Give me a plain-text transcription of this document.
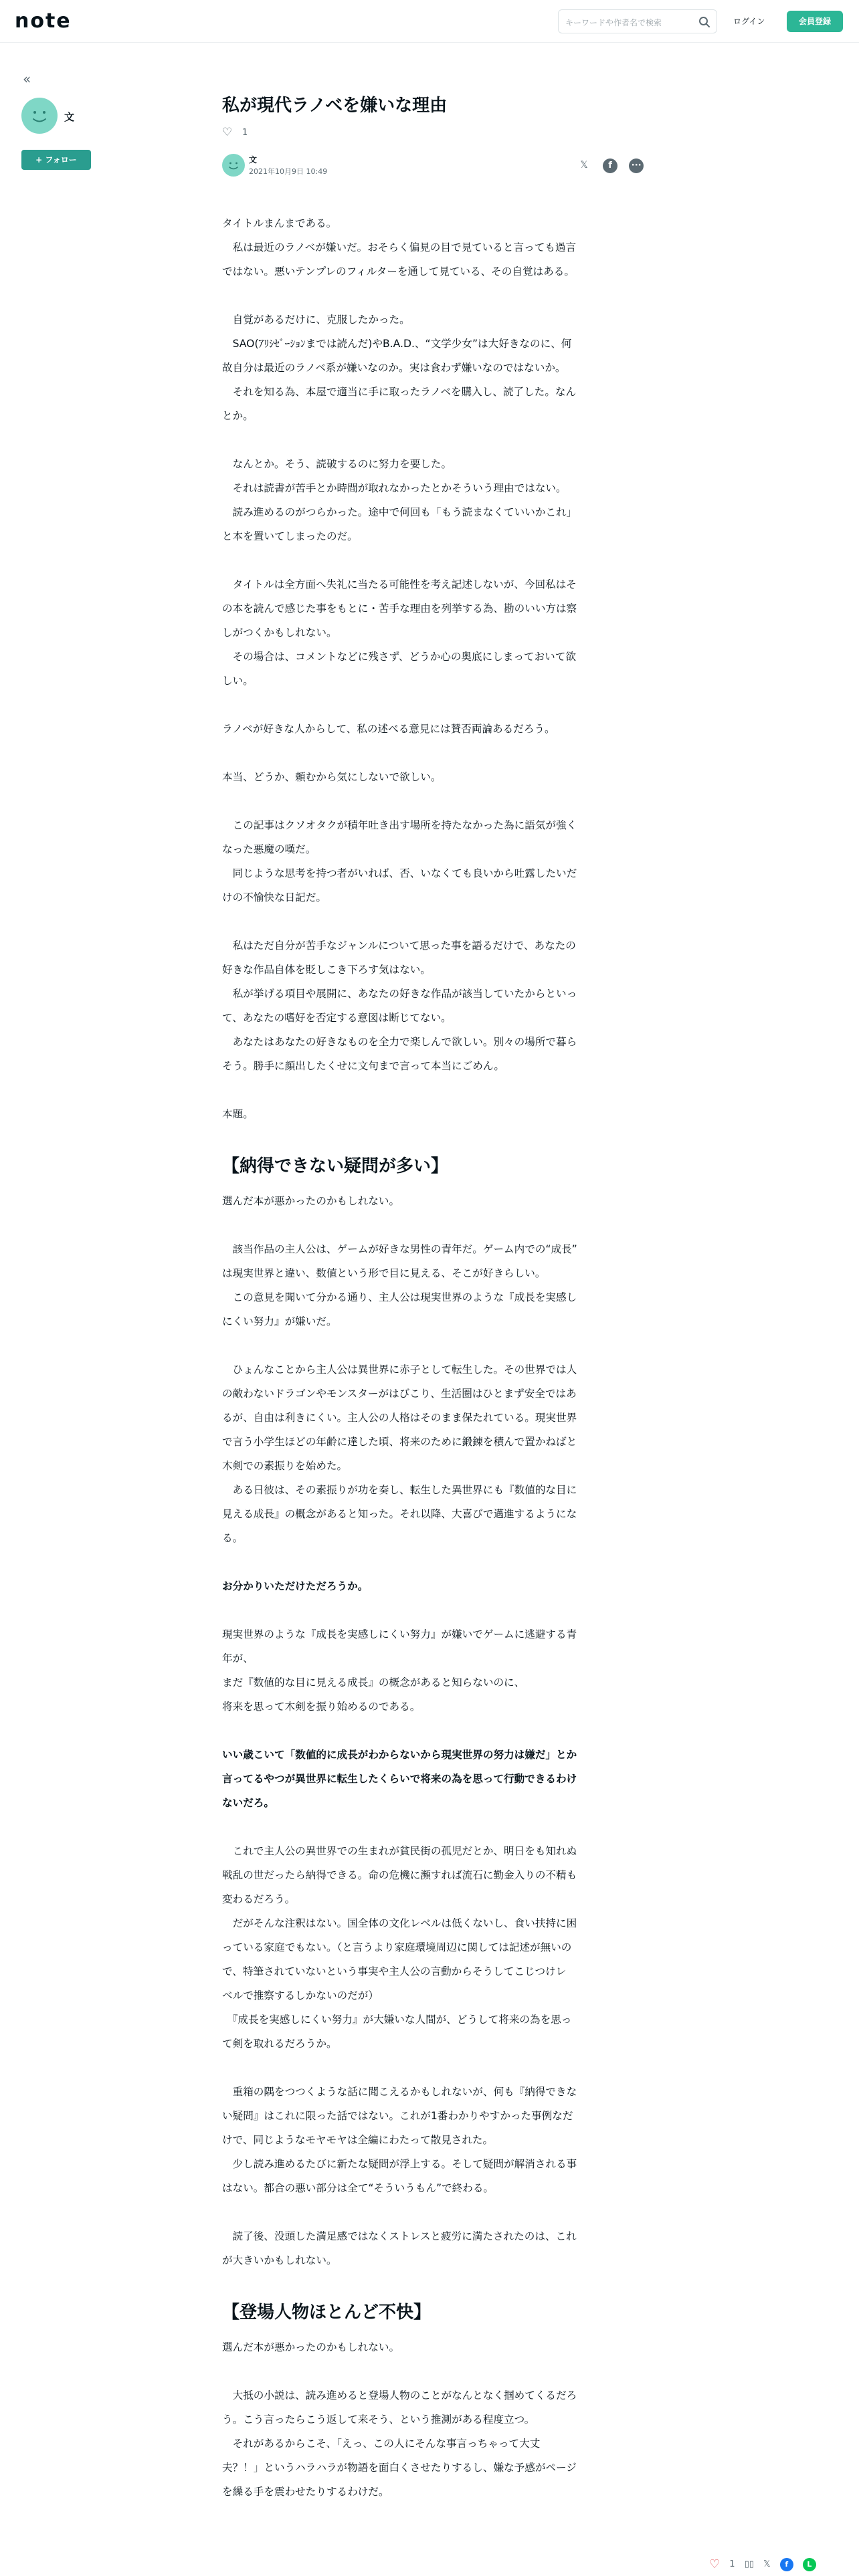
note	キーワードや作者名で検索	ログイン	会員登録
«
文
+ フォロー
私が現代ラノベを嫌いな理由
♡ 1
文
2021年10月9日 10:49
𝕏 f ···

タイトルまんまである。
　私は最近のラノベが嫌いだ。おそらく偏見の目で見ていると言っても過言
ではない。悪いテンプレのフィルターを通して見ている、その自覚はある。

　自覚があるだけに、克服したかった。
　SAO(ｱﾘｼｾﾞｰｼｮﾝまでは読んだ)やB.A.D.、“文学少女”は大好きなのに、何
故自分は最近のラノベ系が嫌いなのか。実は食わず嫌いなのではないか。
　それを知る為、本屋で適当に手に取ったラノベを購入し、読了した。なん
とか。

　なんとか。そう、読破するのに努力を要した。
　それは読書が苦手とか時間が取れなかったとかそういう理由ではない。
　読み進めるのがつらかった。途中で何回も「もう読まなくていいかこれ」
と本を置いてしまったのだ。

　タイトルは全方面へ失礼に当たる可能性を考え記述しないが、今回私はそ
の本を読んで感じた事をもとに・苦手な理由を列挙する為、勘のいい方は察
しがつくかもしれない。
　その場合は、コメントなどに残さず、どうか心の奥底にしまっておいて欲
しい。

ラノベが好きな人からして、私の述べる意見には賛否両論あるだろう。

本当、どうか、頼むから気にしないで欲しい。

　この記事はクソオタクが積年吐き出す場所を持たなかった為に語気が強く
なった悪魔の嘆だ。
　同じような思考を持つ者がいれば、否、いなくても良いから吐露したいだ
けの不愉快な日記だ。

　私はただ自分が苦手なジャンルについて思った事を語るだけで、あなたの
好きな作品自体を貶しこき下ろす気はない。
　私が挙げる項目や展開に、あなたの好きな作品が該当していたからといっ
て、あなたの嗜好を否定する意図は断じてない。
　あなたはあなたの好きなものを全力で楽しんで欲しい。別々の場所で暮ら
そう。勝手に顔出したくせに文句まで言って本当にごめん。

本題。

【納得できない疑問が多い】

選んだ本が悪かったのかもしれない。

　該当作品の主人公は、ゲームが好きな男性の青年だ。ゲーム内での“成長”
は現実世界と違い、数値という形で目に見える、そこが好きらしい。
　この意見を聞いて分かる通り、主人公は現実世界のような『成長を実感し
にくい努力』が嫌いだ。

　ひょんなことから主人公は異世界に赤子として転生した。その世界では人
の敵わないドラゴンやモンスターがはびこり、生活圏はひとまず安全ではあ
るが、自由は利きにくい。主人公の人格はそのまま保たれている。現実世界
で言う小学生ほどの年齢に達した頃、将来のために鍛錬を積んで置かねばと
木剣での素振りを始めた。
　ある日彼は、その素振りが功を奏し、転生した異世界にも『数値的な目に
見える成長』の概念があると知った。それ以降、大喜びで邁進するようにな
る。

お分かりいただけただろうか。

現実世界のような『成長を実感しにくい努力』が嫌いでゲームに逃避する青
年が、
まだ『数値的な目に見える成長』の概念があると知らないのに、
将来を思って木剣を振り始めるのである。

いい歳こいて「数値的に成長がわからないから現実世界の努力は嫌だ」とか
言ってるやつが異世界に転生したくらいで将来の為を思って行動できるわけ
ないだろ。

　これで主人公の異世界での生まれが貧民街の孤児だとか、明日をも知れぬ
戦乱の世だったら納得できる。命の危機に瀕すれば流石に勤金入りの不精も
変わるだろう。
　だがそんな注釈はない。国全体の文化レベルは低くないし、食い扶持に困
っている家庭でもない。（と言うより家庭環境周辺に関しては記述が無いの
で、特筆されていないという事実や主人公の言動からそうしてこじつけレ
ベルで推察するしかないのだが）
　『成長を実感しにくい努力』が大嫌いな人間が、どうして将来の為を思っ
て剣を取れるだろうか。

　重箱の隅をつつくような話に聞こえるかもしれないが、何も『納得できな
い疑問』はこれに限った話ではない。これが1番わかりやすかった事例なだ
けで、同じようなモヤモヤは全編にわたって散見された。
　少し読み進めるたびに新たな疑問が浮上する。そして疑問が解消される事
はない。都合の悪い部分は全て“そういうもん”で終わる。

　読了後、没頭した満足感ではなくストレスと疲労に満たされたのは、これ
が大きいかもしれない。

【登場人物ほとんど不快】

選んだ本が悪かったのかもしれない。

　大抵の小説は、読み進めると登場人物のことがなんとなく掴めてくるだろ
う。こう言ったらこう返して来そう、という推測がある程度立つ。
　それがあるからこそ、「えっ、この人にそんな事言っちゃって大丈
夫？！」というハラハラが物語を面白くさせたりするし、嫌な予感がページ
を繰る手を震わせたりするわけだ。

♡ 1 ▯▯ 𝕏 f	L
